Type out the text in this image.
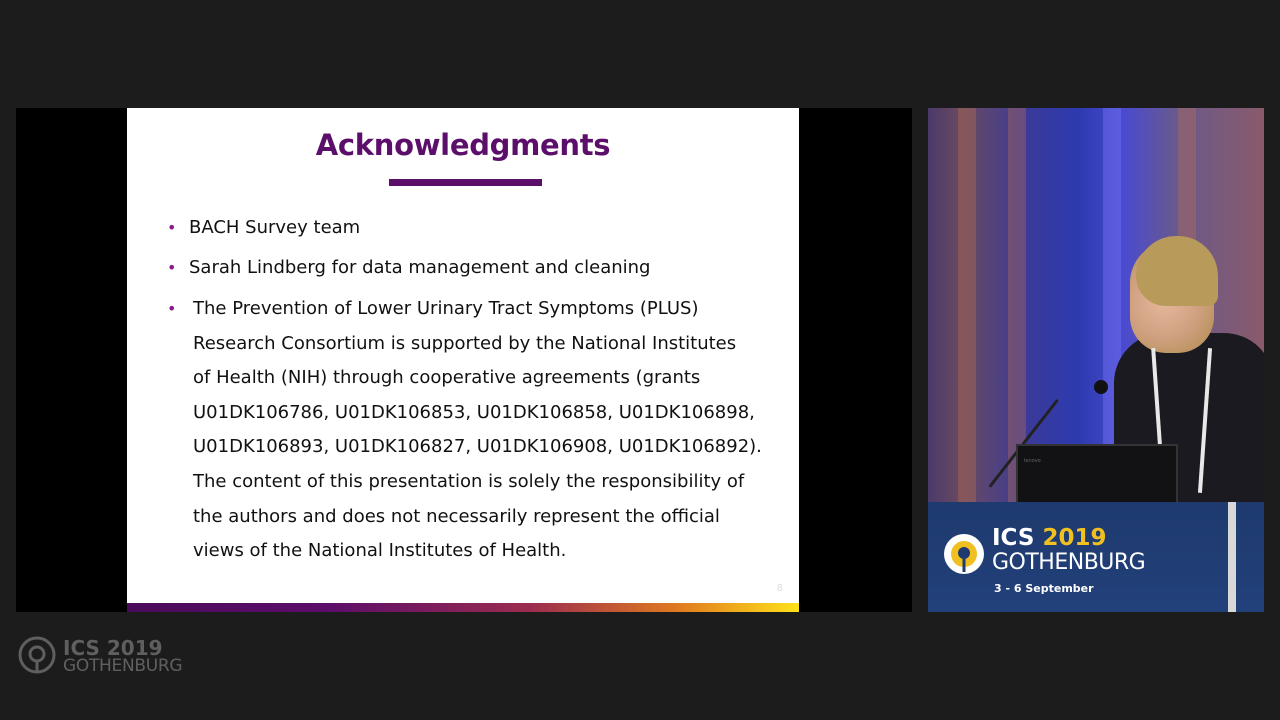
Acknowledgments
• BACH Survey team
• Sarah Lindberg for data management and cleaning
• The Prevention of Lower Urinary Tract Symptoms (PLUS)
Research Consortium is supported by the National Institutes
of Health (NIH) through cooperative agreements (grants
U01DK106786, U01DK106853, U01DK106858, U01DK106898,
U01DK106893, U01DK106827, U01DK106908, U01DK106892).
The content of this presentation is solely the responsibility of
the authors and does not necessarily represent the official
views of the National Institutes of Health.
8
lenovo
ICS 2019
GOTHENBURG
3 - 6 September
ICS 2019
GOTHENBURG
